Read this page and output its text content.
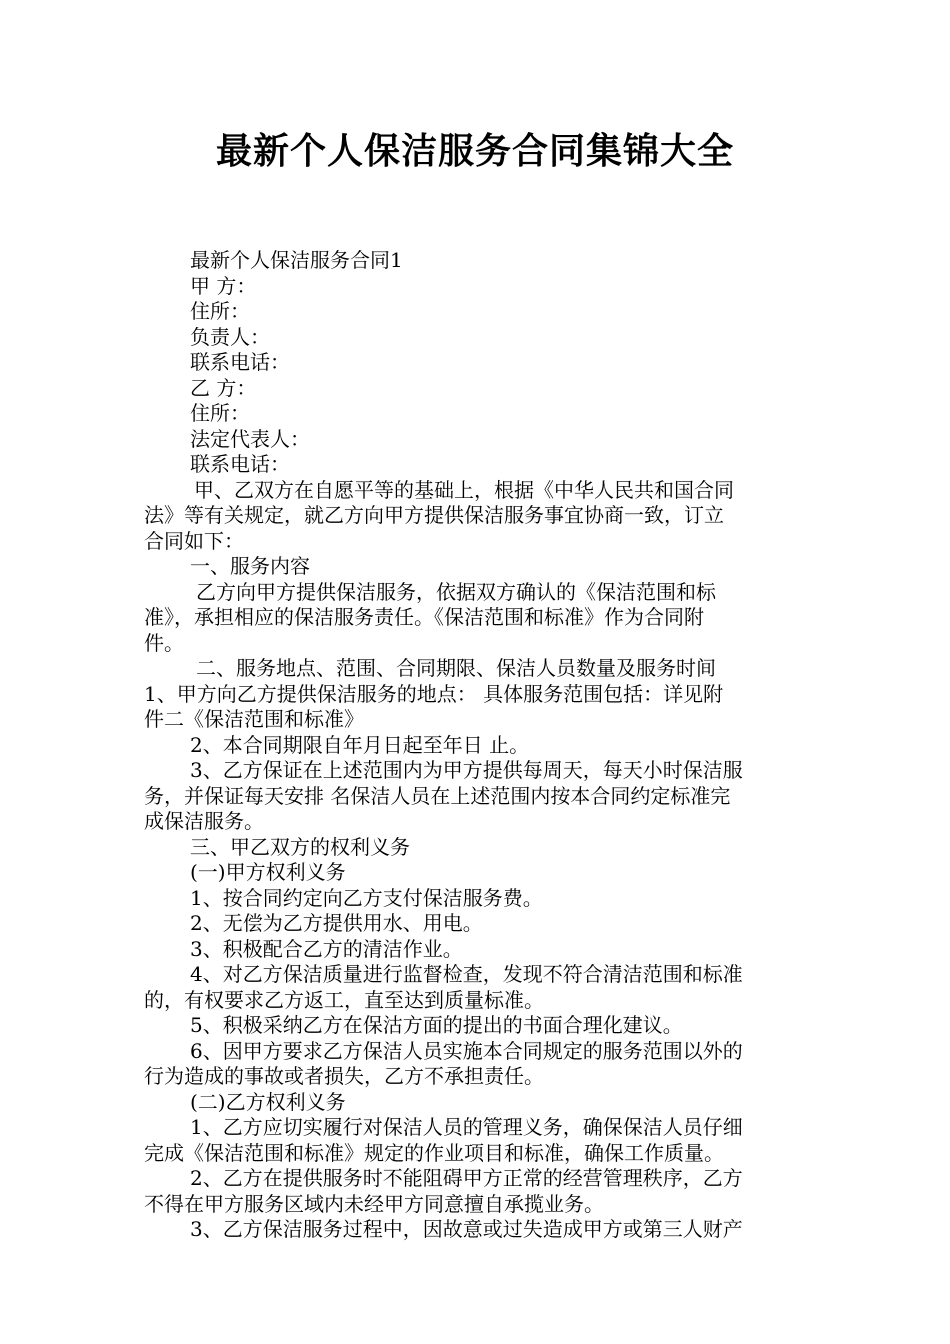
最新个人保洁服务合同集锦大全

最新个人保洁服务合同1

甲 方：

住所：

负责人：

联系电话：

乙 方：

住所：

法定代表人：

联系电话：

甲、乙双方在自愿平等的基础上，根据《中华人民共和国合同

法》等有关规定，就乙方向甲方提供保洁服务事宜协商一致，订立

合同如下：

一、服务内容

乙方向甲方提供保洁服务，依据双方确认的《保洁范围和标

准》，承担相应的保洁服务责任。《保洁范围和标准》作为合同附

件。

二、服务地点、范围、合同期限、保洁人员数量及服务时间

1、甲方向乙方提供保洁服务的地点： 具体服务范围包括：详见附

件二《保洁范围和标准》

2、本合同期限自年月日起至年日 止。

3、乙方保证在上述范围内为甲方提供每周天，每天小时保洁服

务，并保证每天安排 名保洁人员在上述范围内按本合同约定标准完

成保洁服务。

三、甲乙双方的权利义务

(一)甲方权利义务

1、按合同约定向乙方支付保洁服务费。

2、无偿为乙方提供用水、用电。

3、积极配合乙方的清洁作业。

4、对乙方保洁质量进行监督检查，发现不符合清洁范围和标准

的，有权要求乙方返工，直至达到质量标准。

5、积极采纳乙方在保沽方面的提出的书面合理化建议。

6、因甲方要求乙方保洁人员实施本合同规定的服务范围以外的

行为造成的事故或者损失，乙方不承担责任。

(二)乙方权利义务

1、乙方应切实履行对保洁人员的管理义务，确保保洁人员仔细

完成《保洁范围和标准》规定的作业项目和标准，确保工作质量。

2、乙方在提供服务时不能阻碍甲方正常的经营管理秩序，乙方

不得在甲方服务区域内未经甲方同意擅自承揽业务。

3、乙方保洁服务过程中，因故意或过失造成甲方或第三人财产
